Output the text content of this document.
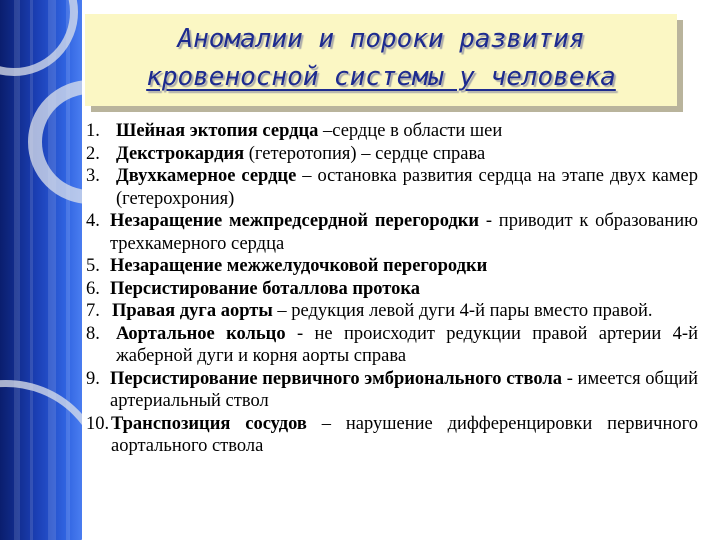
Аномалии и пороки развития
кровеносной системы у человека
1. Шейная эктопия сердца –сердце в области шеи
2. Декстрокардия (гетеротопия) – сердце справа
3. Двухкамерное сердце – остановка развития сердца на этапе двух камер (гетерохрония)
4. Незаращение межпредсердной перегородки - приводит к образованию трехкамерного сердца
5. Незаращение межжелудочковой перегородки
6. Персистирование боталлова протока
7. Правая дуга аорты – редукция левой дуги 4-й пары вместо правой.
8. Аортальное кольцо - не происходит редукции правой артерии 4-й жаберной дуги и корня аорты справа
9. Персистирование первичного эмбрионального ствола - имеется общий артериальный ствол
10. Транспозиция сосудов – нарушение дифференцировки первичного аортального ствола
